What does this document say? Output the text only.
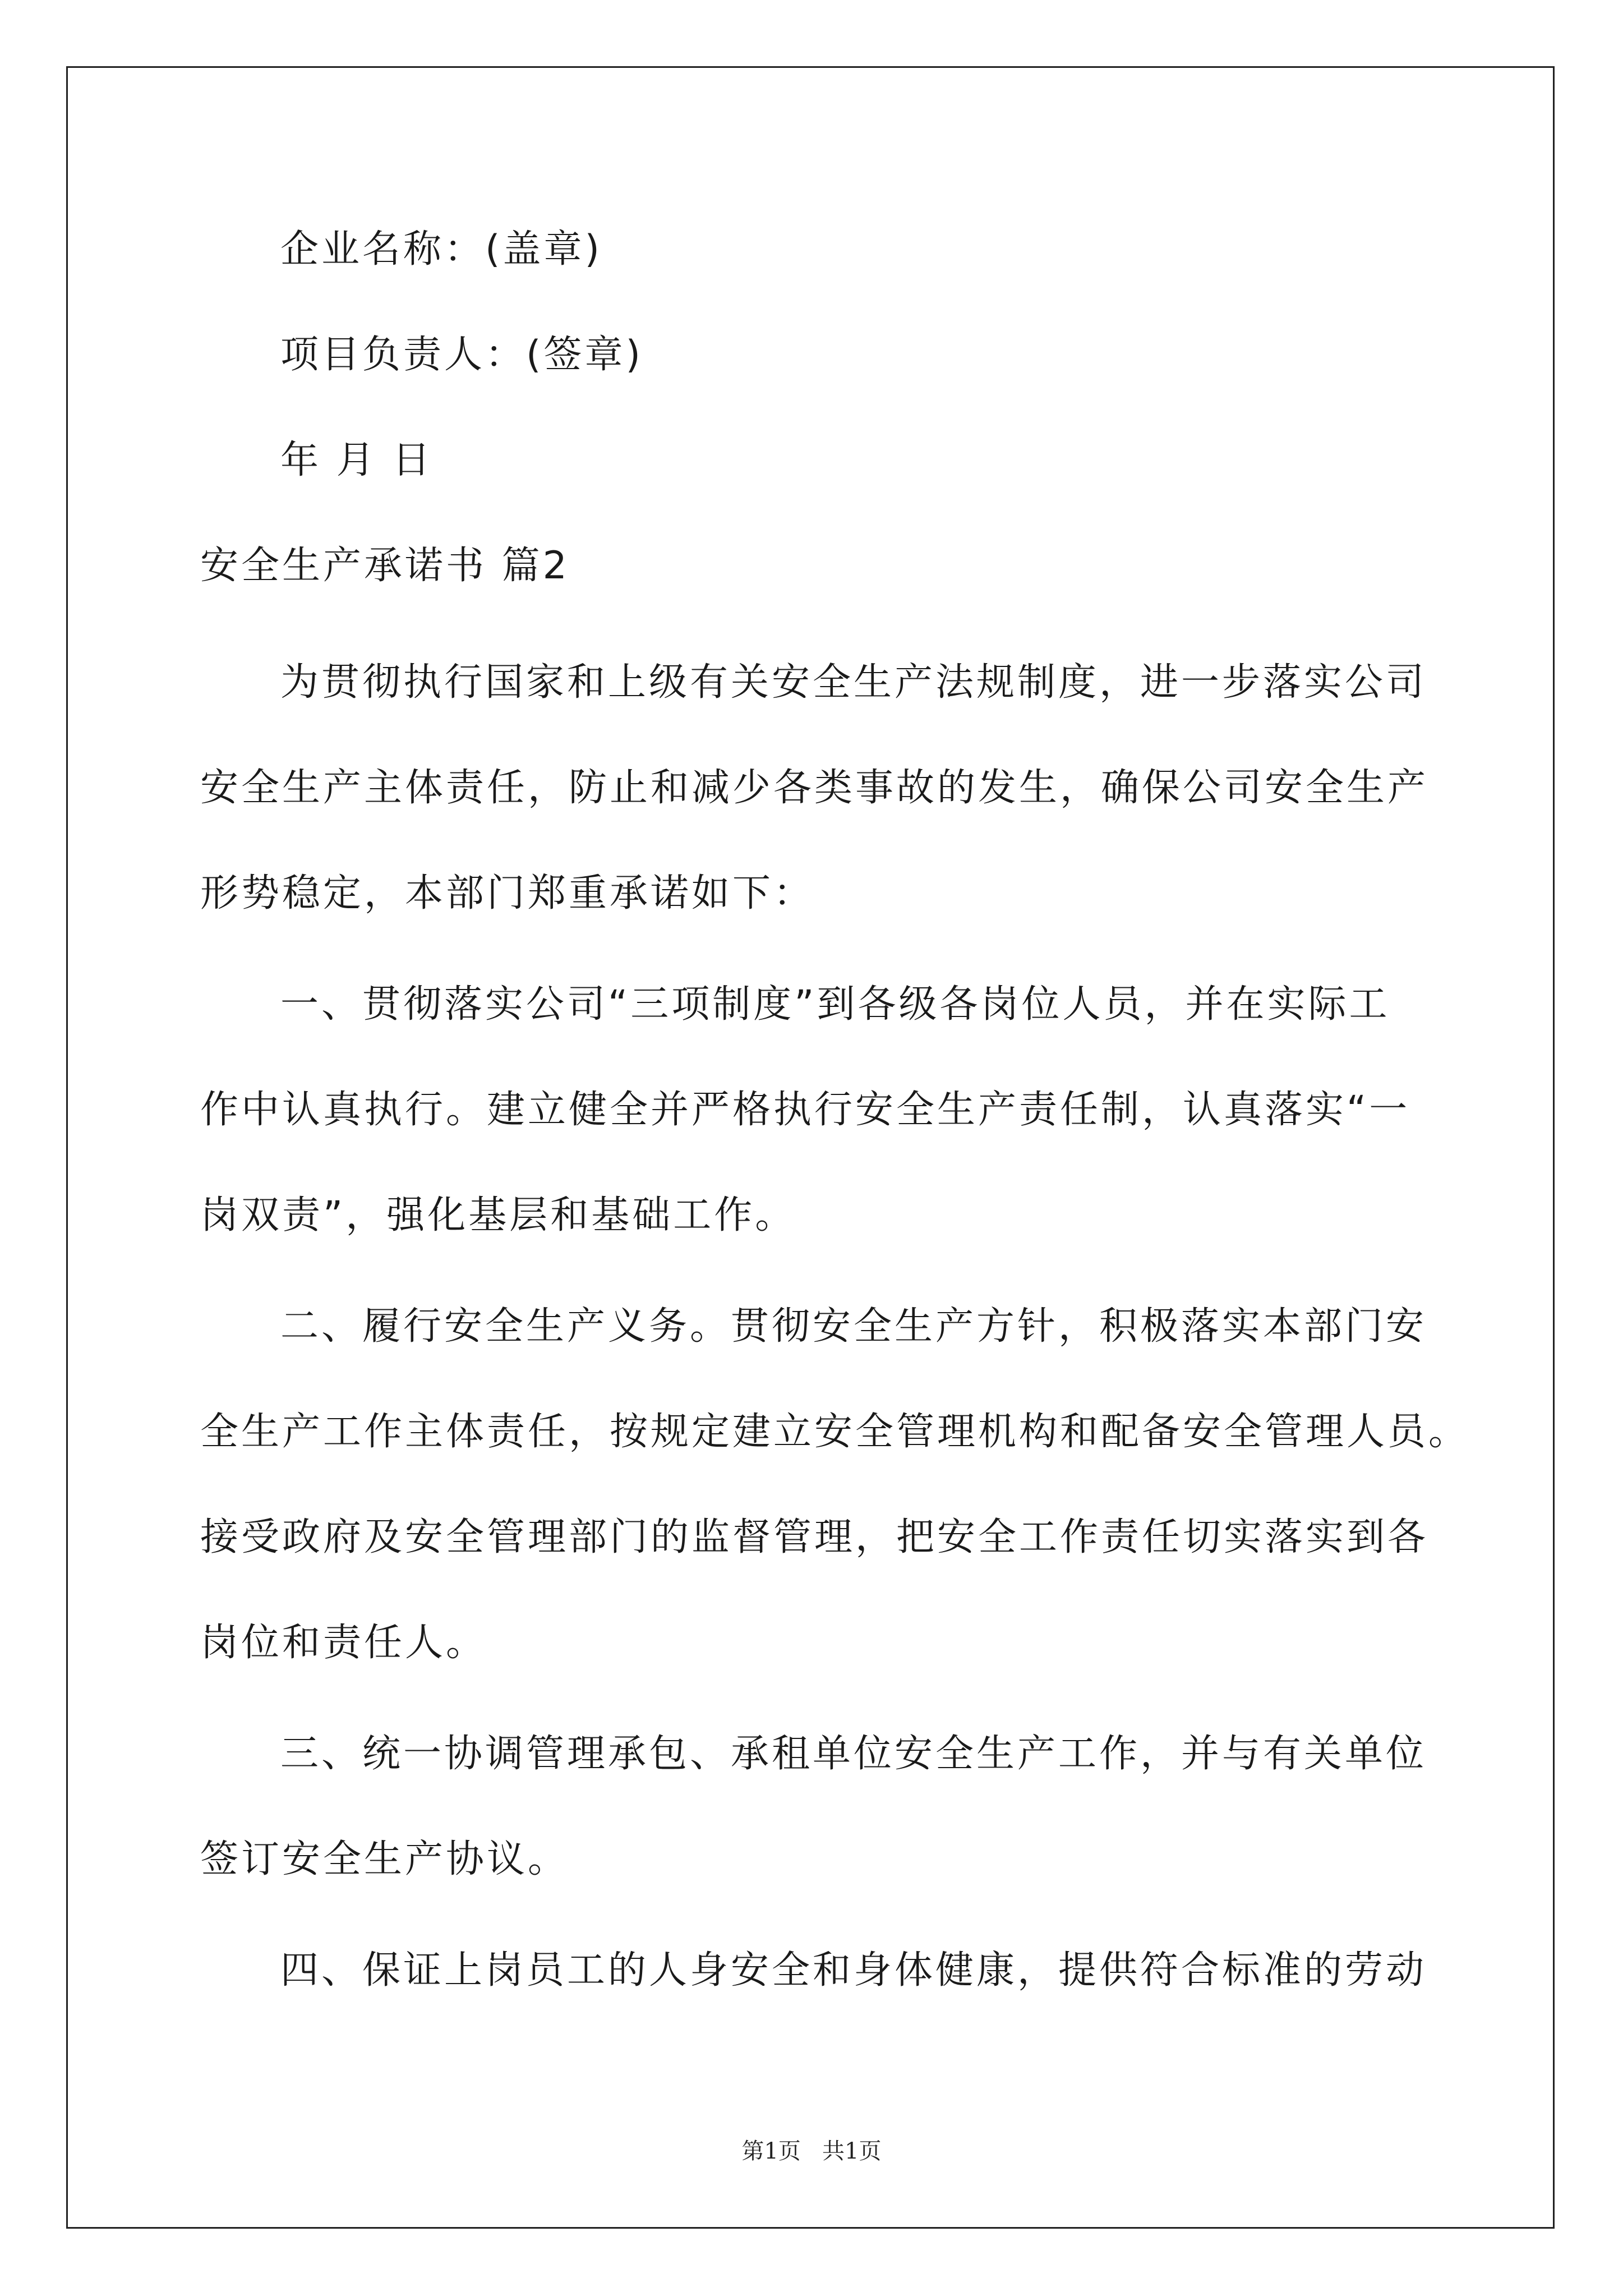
企业名称：(盖章)
项目负责人：(签章)
年 月 日
安全生产承诺书 篇2
为贯彻执行国家和上级有关安全生产法规制度，进一步落实公司
安全生产主体责任，防止和减少各类事故的发生，确保公司安全生产
形势稳定，本部门郑重承诺如下：
一、贯彻落实公司“三项制度”到各级各岗位人员，并在实际工
作中认真执行。建立健全并严格执行安全生产责任制，认真落实“一
岗双责”，强化基层和基础工作。
二、履行安全生产义务。贯彻安全生产方针，积极落实本部门安
全生产工作主体责任，按规定建立安全管理机构和配备安全管理人员。
接受政府及安全管理部门的监督管理，把安全工作责任切实落实到各
岗位和责任人。
三、统一协调管理承包、承租单位安全生产工作，并与有关单位
签订安全生产协议。
四、保证上岗员工的人身安全和身体健康，提供符合标准的劳动
第1页   共1页
